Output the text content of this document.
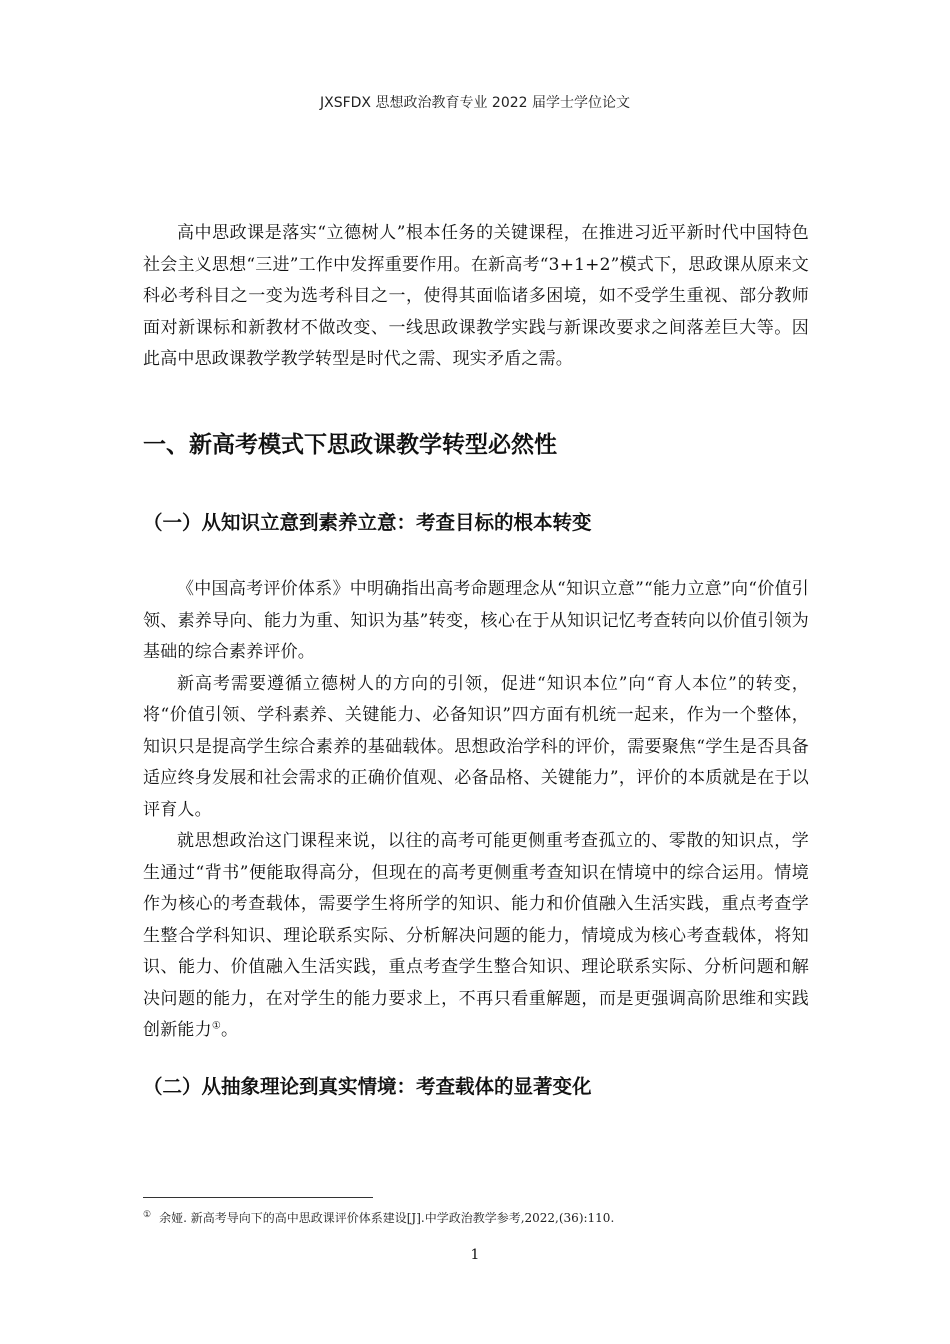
JXSFDX 思想政治教育专业 2022 届学士学位论文

高中思政课是落实“立德树人”根本任务的关键课程，在推进习近平新时代中国特色社会主义思想“三进”工作中发挥重要作用。在新高考“3+1+2”模式下，思政课从原来文科必考科目之一变为选考科目之一，使得其面临诸多困境，如不受学生重视、部分教师面对新课标和新教材不做改变、一线思政课教学实践与新课改要求之间落差巨大等。因此高中思政课教学教学转型是时代之需、现实矛盾之需。

一、新高考模式下思政课教学转型必然性
（一）从知识立意到素养立意：考查目标的根本转变

《中国高考评价体系》中明确指出高考命题理念从“知识立意”“能力立意”向“价值引领、素养导向、能力为重、知识为基”转变，核心在于从知识记忆考查转向以价值引领为基础的综合素养评价。

新高考需要遵循立德树人的方向的引领，促进“知识本位”向“育人本位”的转变，将“价值引领、学科素养、关键能力、必备知识”四方面有机统一起来，作为一个整体，知识只是提高学生综合素养的基础载体。思想政治学科的评价，需要聚焦“学生是否具备适应终身发展和社会需求的正确价值观、必备品格、关键能力”，评价的本质就是在于以评育人。

就思想政治这门课程来说，以往的高考可能更侧重考查孤立的、零散的知识点，学生通过“背书”便能取得高分，但现在的高考更侧重考查知识在情境中的综合运用。情境作为核心的考查载体，需要学生将所学的知识、能力和价值融入生活实践，重点考查学生整合学科知识、理论联系实际、分析解决问题的能力，情境成为核心考查载体，将知识、能力、价值融入生活实践，重点考查学生整合知识、理论联系实际、分析问题和解决问题的能力，在对学生的能力要求上，不再只看重解题，而是更强调高阶思维和实践创新能力①。

（二）从抽象理论到真实情境：考查载体的显著变化
① 余娅. 新高考导向下的高中思政课评价体系建设[J].中学政治教学参考,2022,(36):110.
1
